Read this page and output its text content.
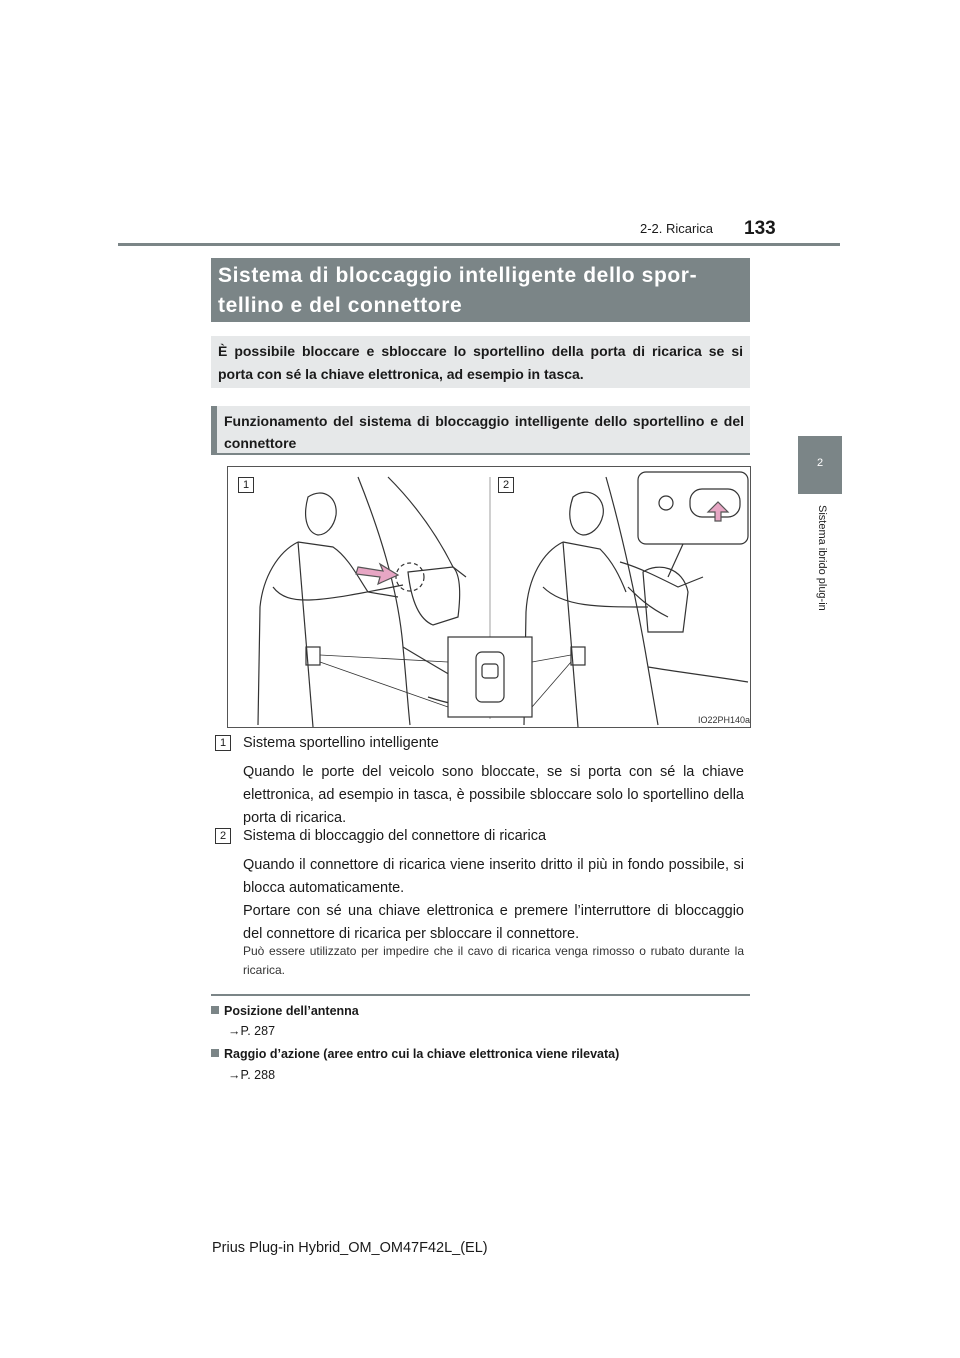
2-2. Ricarica 133
2
Sistema ibrido plug-in
Sistema di bloccaggio intelligente dello spor-
tellino e del connettore
È possibile bloccare e sbloccare lo sportellino della porta di ricarica se si porta con sé la chiave elettronica, ad esempio in tasca.
Funzionamento del sistema di bloccaggio intelligente dello sportellino e del connettore
1	2
IO22PH140a
1	Sistema sportellino intelligente
Quando le porte del veicolo sono bloccate, se si porta con sé la chiave elettronica, ad esempio in tasca, è possibile sbloccare solo lo sportellino della porta di ricarica.
2	Sistema di bloccaggio del connettore di ricarica
Quando il connettore di ricarica viene inserito dritto il più in fondo possibile, si blocca automaticamente.
Portare con sé una chiave elettronica e premere l’interruttore di bloccaggio del connettore di ricarica per sbloccare il connettore.
Può essere utilizzato per impedire che il cavo di ricarica venga rimosso o rubato durante la ricarica.
Posizione dell’antenna
→P. 287
Raggio d’azione (aree entro cui la chiave elettronica viene rilevata)
→P. 288
Prius Plug-in Hybrid_OM_OM47F42L_(EL)
